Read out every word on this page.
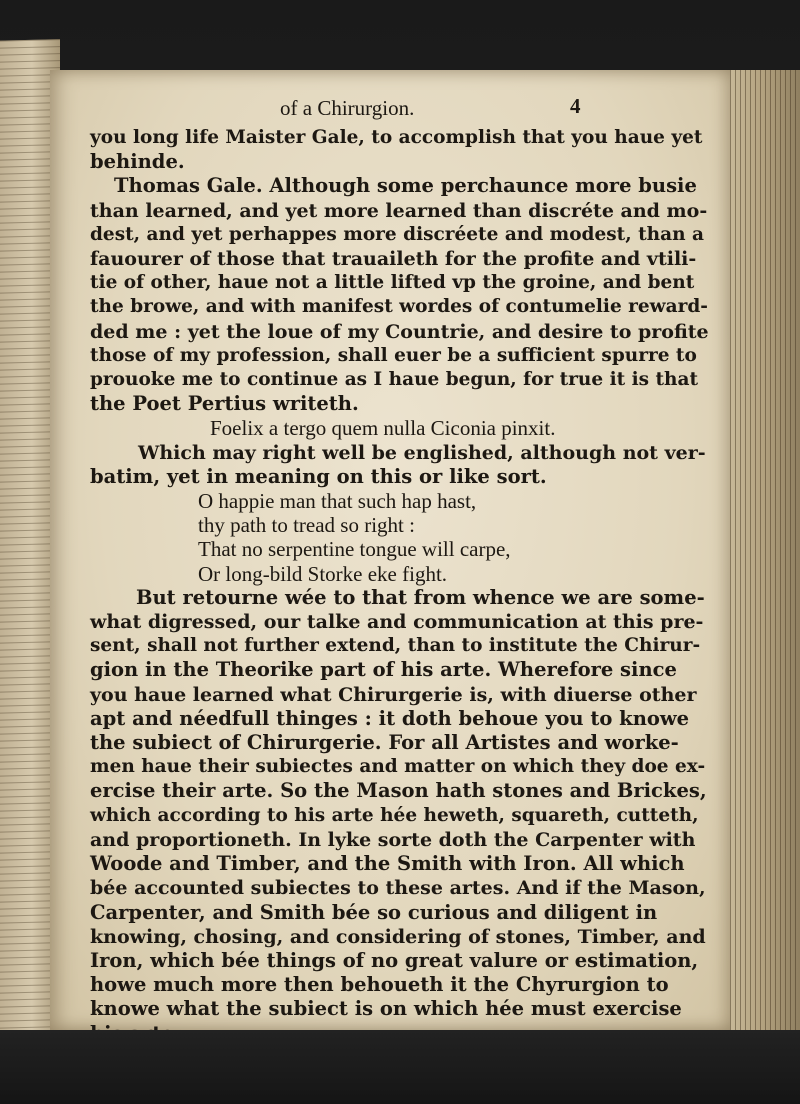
of a Chirurgion.	4
you long life Maister Gale, to accomplish that you haue yet
behinde.
Thomas Gale. Although some perchaunce more busie
than learned, and yet more learned than discréte and mo-
dest, and yet perhappes more discréete and modest, than a
fauourer of those that trauaileth for the profite and vtili-
tie of other, haue not a little lifted vp the groine, and bent
the browe, and with manifest wordes of contumelie reward-
ded me : yet the loue of my Countrie, and desire to profite
those of my profession, shall euer be a sufficient spurre to
prouoke me to continue as I haue begun, for true it is that
the Poet Pertius writeth.
Foelix a tergo quem nulla Ciconia pinxit.
Which may right well be englished, although not ver-
batim, yet in meaning on this or like sort.
O happie man that such hap hast,
thy path to tread so right :
That no serpentine tongue will carpe,
Or long-bild Storke eke fight.
But retourne wée to that from whence we are some-
what digressed, our talke and communication at this pre-
sent, shall not further extend, than to institute the Chirur-
gion in the Theorike part of his arte. Wherefore since
you haue learned what Chirurgerie is, with diuerse other
apt and néedfull thinges : it doth behoue you to knowe
the subiect of Chirurgerie. For all Artistes and worke-
men haue their subiectes and matter on which they doe ex-
ercise their arte. So the Mason hath stones and Brickes,
which according to his arte hée heweth, squareth, cutteth,
and proportioneth. In lyke sorte doth the Carpenter with
Woode and Timber, and the Smith with Iron. All which
bée accounted subiectes to these artes. And if the Mason,
Carpenter, and Smith bée so curious and diligent in
knowing, chosing, and considering of stones, Timber, and
Iron, which bée things of no great valure or estimation,
howe much more then behoueth it the Chyrurgion to
knowe what the subiect is on which hée must exercise
